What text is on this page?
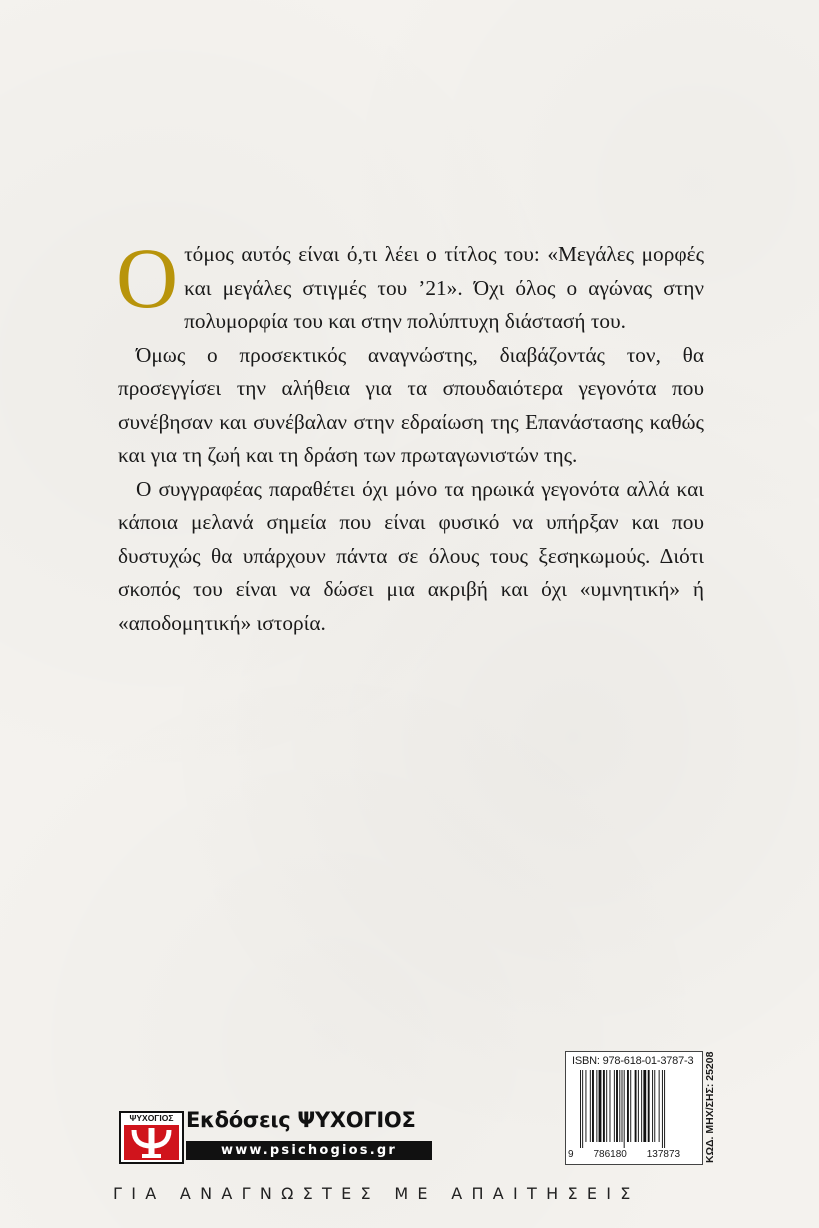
Οτόμος αυτός είναι ό,τι λέει ο τίτλος του: «Μεγάλες μορφές και μεγάλες στιγμές του ’21». Όχι όλος ο αγώνας στην πολυμορφία του και στην πολύπτυχη διάστασή του.

Όμως ο προσεκτικός αναγνώστης, διαβάζοντάς τον, θα προσεγγίσει την αλήθεια για τα σπουδαιότερα γεγονότα που συνέβησαν και συνέβαλαν στην εδραίωση της Επανάστασης καθώς και για τη ζωή και τη δράση των πρωταγωνιστών της.

Ο συγγραφέας παραθέτει όχι μόνο τα ηρωικά γεγονότα αλλά και κάποια μελανά σημεία που είναι φυσικό να υπήρξαν και που δυστυχώς θα υπάρχουν πάντα σε όλους τους ξεσηκωμούς. Διότι σκοπός του είναι να δώσει μια ακριβή και όχι «υμνητική» ή «αποδομητική» ιστορία.

ISBN: 978-618-01-3787-3
9 786180 137873 ΚΩΔ. ΜΗΧ/ΣΗΣ: 25208
ΨΥΧΟΓΙΟΣ Εκδόσεις ΨΥΧΟΓΙΟΣ
www.psichogios.gr
ΓΙΑ ΑΝΑΓΝΩΣΤΕΣ ΜΕ ΑΠΑΙΤΗΣΕΙΣ
